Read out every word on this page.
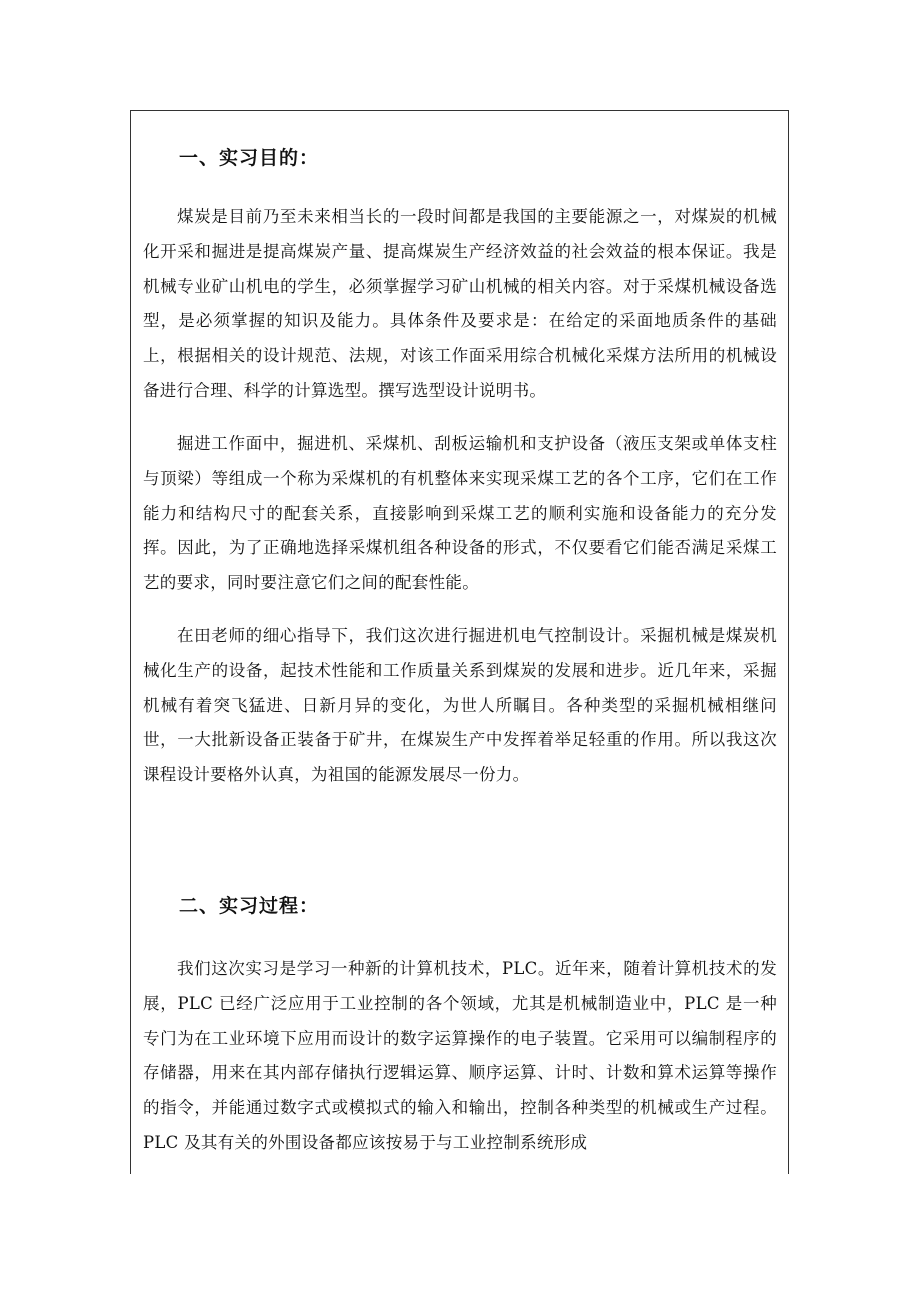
一、实习目的：

煤炭是目前乃至未来相当长的一段时间都是我国的主要能源之一，对煤炭的机械化开采和掘进是提高煤炭产量、提高煤炭生产经济效益的社会效益的根本保证。我是机械专业矿山机电的学生，必须掌握学习矿山机械的相关内容。对于采煤机械设备选型，是必须掌握的知识及能力。具体条件及要求是：在给定的采面地质条件的基础上，根据相关的设计规范、法规，对该工作面采用综合机械化采煤方法所用的机械设备进行合理、科学的计算选型。撰写选型设计说明书。

掘进工作面中，掘进机、采煤机、刮板运输机和支护设备（液压支架或单体支柱与顶梁）等组成一个称为采煤机的有机整体来实现采煤工艺的各个工序，它们在工作能力和结构尺寸的配套关系，直接影响到采煤工艺的顺利实施和设备能力的充分发挥。因此，为了正确地选择采煤机组各种设备的形式，不仅要看它们能否满足采煤工艺的要求，同时要注意它们之间的配套性能。

在田老师的细心指导下，我们这次进行掘进机电气控制设计。采掘机械是煤炭机械化生产的设备，起技术性能和工作质量关系到煤炭的发展和进步。近几年来，采掘机械有着突飞猛进、日新月异的变化，为世人所瞩目。各种类型的采掘机械相继问世，一大批新设备正装备于矿井，在煤炭生产中发挥着举足轻重的作用。所以我这次课程设计要格外认真，为祖国的能源发展尽一份力。

二、实习过程：

我们这次实习是学习一种新的计算机技术，PLC。近年来，随着计算机技术的发展，PLC 已经广泛应用于工业控制的各个领域，尤其是机械制造业中，PLC 是一种专门为在工业环境下应用而设计的数字运算操作的电子装置。它采用可以编制程序的存储器，用来在其内部存储执行逻辑运算、顺序运算、计时、计数和算术运算等操作的指令，并能通过数字式或模拟式的输入和输出，控制各种类型的机械或生产过程。PLC 及其有关的外围设备都应该按易于与工业控制系统形成
